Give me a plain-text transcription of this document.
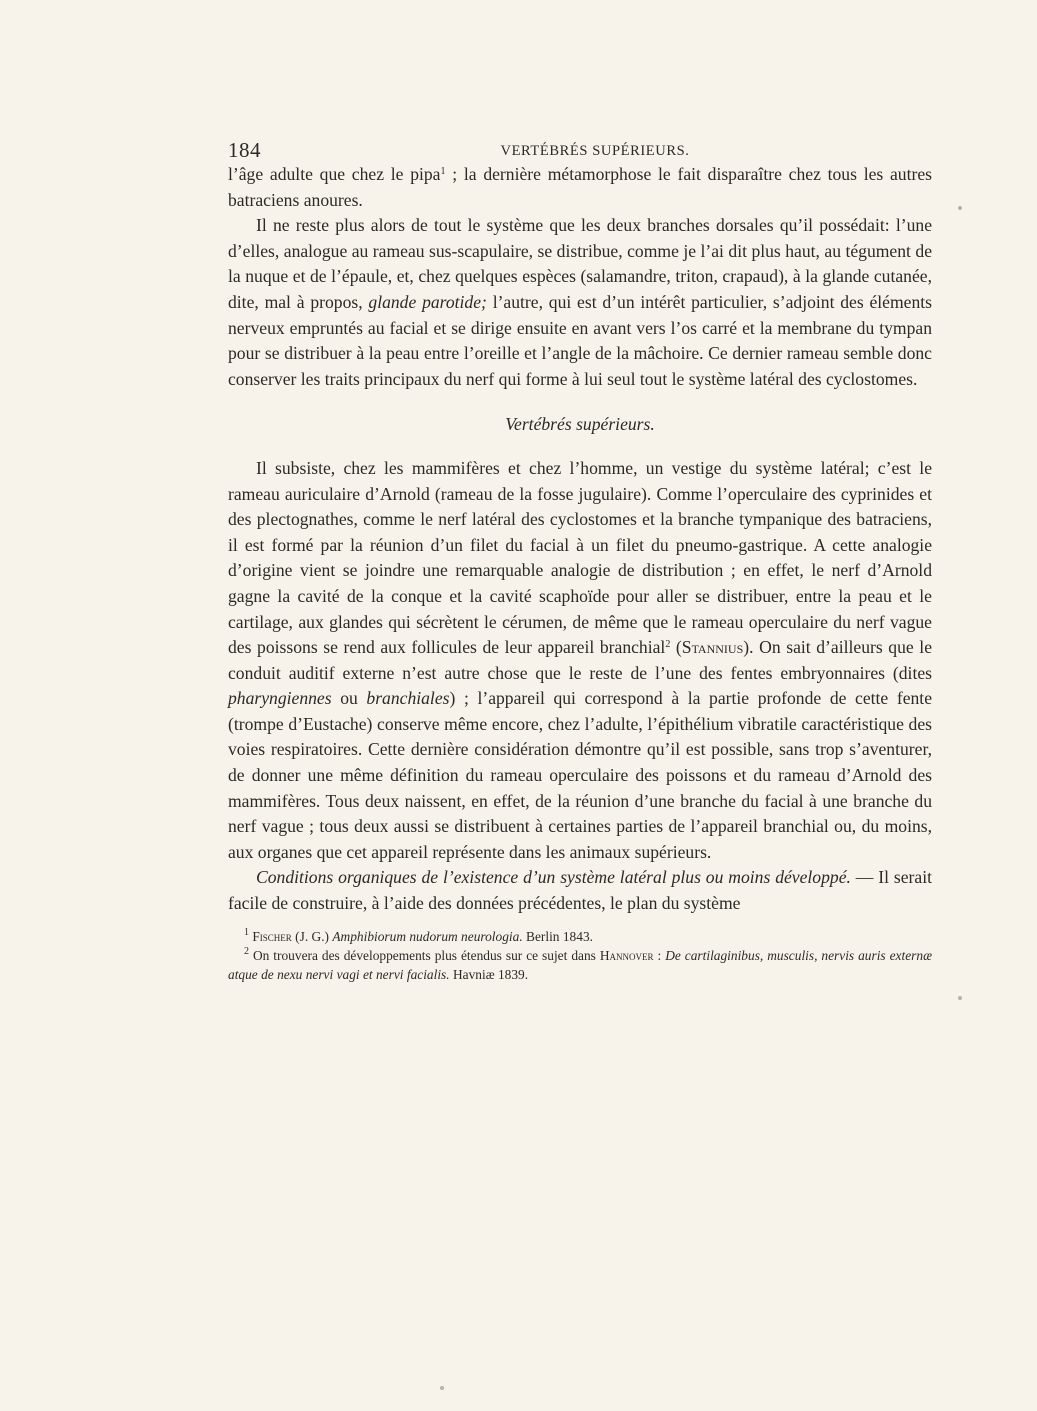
184	VERTÉBRÉS SUPÉRIEURS.

l’âge adulte que chez le pipa$^1$ ; la dernière métamorphose le fait disparaître chez tous les autres batraciens anoures.

Il ne reste plus alors de tout le système que les deux branches dorsales qu’il possédait: l’une d’elles, analogue au rameau sus-scapulaire, se distribue, comme je l’ai dit plus haut, au tégument de la nuque et de l’épaule, et, chez quelques espèces (salamandre, triton, crapaud), à la glande cutanée, dite, mal à propos, glande parotide; l’autre, qui est d’un intérêt particulier, s’adjoint des éléments nerveux empruntés au facial et se dirige ensuite en avant vers l’os carré et la membrane du tympan pour se distribuer à la peau entre l’oreille et l’angle de la mâchoire. Ce dernier rameau semble donc conserver les traits principaux du nerf qui forme à lui seul tout le système latéral des cyclostomes.

Vertébrés supérieurs.

Il subsiste, chez les mammifères et chez l’homme, un vestige du système latéral; c’est le rameau auriculaire d’Arnold (rameau de la fosse jugulaire). Comme l’operculaire des cyprinides et des plectognathes, comme le nerf latéral des cyclostomes et la branche tympanique des batraciens, il est formé par la réunion d’un filet du facial à un filet du pneumo-gastrique. A cette analogie d’origine vient se joindre une remarquable analogie de distribution ; en effet, le nerf d’Arnold gagne la cavité de la conque et la cavité scaphoïde pour aller se distribuer, entre la peau et le cartilage, aux glandes qui sécrètent le cérumen, de même que le rameau operculaire du nerf vague des poissons se rend aux follicules de leur appareil branchial$^2$ (Stannius). On sait d’ailleurs que le conduit auditif externe n’est autre chose que le reste de l’une des fentes embryonnaires (dites pharyngiennes ou branchiales) ; l’appareil qui correspond à la partie profonde de cette fente (trompe d’Eustache) conserve même encore, chez l’adulte, l’épithélium vibratile caractéristique des voies respiratoires. Cette dernière considération démontre qu’il est possible, sans trop s’aventurer, de donner une même définition du rameau operculaire des poissons et du rameau d’Arnold des mammifères. Tous deux naissent, en effet, de la réunion d’une branche du facial à une branche du nerf vague ; tous deux aussi se distribuent à certaines parties de l’appareil branchial ou, du moins, aux organes que cet appareil représente dans les animaux supérieurs.

Conditions organiques de l’existence d’un système latéral plus ou moins développé. — Il serait facile de construire, à l’aide des données précédentes, le plan du système

$^1$ Fischer (J. G.) Amphibiorum nudorum neurologia. Berlin 1843.

$^2$ On trouvera des développements plus étendus sur ce sujet dans Hannover : De cartilaginibus, musculis, nervis auris externæ atque de nexu nervi vagi et nervi facialis. Havniæ 1839.
